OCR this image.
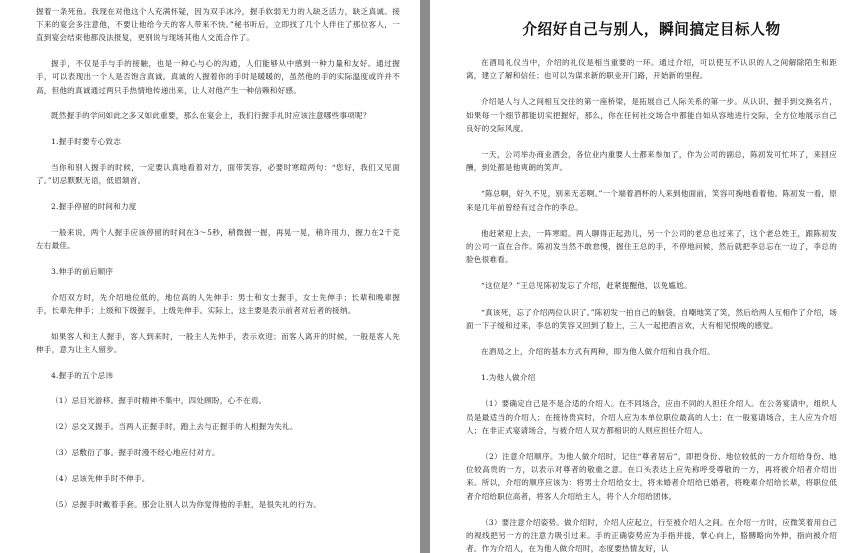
握着一条死鱼。我现在对他这个人充满怀疑，因为双手冰冷，握手软弱无力的人缺乏活力，缺乏真诚。接下来的宴会多注意他，不要让他给今天的客人带来不快。”秘书听后，立即找了几个人伴住了那位客人，一直到宴会结束他都没法报复，更别说与现场其他人交流合作了。

握手，不仅是手与手的接触，也是一种心与心的沟通，人们能够从中感到一种力量和友好。通过握手，可以表现出一个人是否饱含真诚。真诚的人握着你的手时是暖暖的，虽然他的手的实际温度或许并不高，但他的真诚通过两只手热情地传递出来，让人对他产生一种信赖和好感。

既然握手的学问如此之多又如此重要，那么在宴会上，我们行握手礼时应该注意哪些事项呢？

1.握手时要专心致志

当你和别人握手的时候，一定要认真地看着对方，面带笑容，必要时寒暄两句：“您好，我们又见面了。”切忌默默无语，低眉颔首。

2.握手停留的时间和力度

一般来说，两个人握手应该停留的时间在3～5秒，稍微握一握，再晃一晃，稍许用力，握力在2千克左右最佳。

3.伸手的前后顺序

介绍双方时，先介绍地位低的，地位高的人先伸手：男士和女士握手，女士先伸手；长辈和晚辈握手，长辈先伸手；上级和下级握手，上级先伸手。实际上，这主要是表示前者对后者的接纳。

如果客人和主人握手，客人到来时，一般主人先伸手，表示欢迎；而客人离开的时候，一般是客人先伸手，意为让主人留步。

4.握手的五个忌讳

（1）忌目光游移。握手时精神不集中，四处顾盼，心不在焉。

（2）忌交叉握手。当两人正握手时，跑上去与正握手的人相握为失礼。

（3）忌敷衍了事。握手时漫不经心地应付对方。

（4）忌该先伸手时不伸手。

（5）忌握手时戴着手套。那会让别人以为你觉得他的手脏，是很失礼的行为。

介绍好自己与别人，瞬间搞定目标人物

在酒局礼仪当中，介绍的礼仪是相当重要的一环。通过介绍，可以使互不认识的人之间解除陌生和距离，建立了解和信任；也可以为谋求新的职业开门路，开始新的里程。

介绍是人与人之间相互交往的第一座桥梁，是拓展自己人际关系的第一步。从认识、握手到交换名片，如果每一个细节都能切实把握好，那么，你在任何社交场合中都能自如从容地进行交际，全方位地展示自己良好的交际风度。

一天，公司举办商业酒会，各位业内重要人士都来参加了，作为公司的副总，陈初发可忙坏了，来回应酬，到处都是他爽朗的笑声。

“陈总啊，好久不见，别来无恙啊。”一个端着酒杯的人来到他面前，笑容可掬地看着他。陈初发一看，原来是几年前曾经有过合作的李总。

他赶紧迎上去，一阵寒暄。两人聊得正起劲儿，另一个公司的老总也过来了，这个老总姓王，跟陈初发的公司一直在合作。陈初发当然不敢怠慢，握住王总的手，不停地问候，然后就把李总忘在一边了，李总的脸色很难看。

“这位是？”王总见陈初发忘了介绍，赶紧提醒他，以免尴尬。

“真该死，忘了介绍两位认识了。”陈初发一拍自己的脑袋，自嘲地笑了笑，然后给两人互相作了介绍，场面一下子缓和过来，李总的笑容又回到了脸上，三人一起把酒言欢，大有相见恨晚的感觉。

在酒局之上，介绍的基本方式有两种，即为他人做介绍和自我介绍。

1.为他人做介绍

（1）要确定自己是不是合适的介绍人。在不同场合，应由不同的人担任介绍人。在公务宴请中，组织人员是最适当的介绍人；在接待贵宾时，介绍人应为本单位职位最高的人士；在一般宴请场合，主人应为介绍人；在非正式宴请场合，与被介绍人双方都相识的人则应担任介绍人。

（2）注意介绍顺序。为他人做介绍时，记住“尊者居后”，即把身份、地位较低的一方介绍给身份、地位较高贵的一方，以表示对尊者的敬重之意。在口头表达上应先称呼受尊敬的一方，再将被介绍者介绍出来。所以，介绍的顺序应该为：将男士介绍给女士，将未婚者介绍给已婚者，将晚辈介绍给长辈，将职位低者介绍给职位高者，将客人介绍给主人，将个人介绍给团体。

（3）要注意介绍姿势。做介绍时，介绍人应起立，行至被介绍人之间。在介绍一方时，应微笑着用自己的视线把另一方的注意力吸引过来。手的正确姿势应为手指并拢，掌心向上，胳膊略向外伸，指向被介绍者。作为介绍人，在为他人做介绍时，态度要热情友好，认
